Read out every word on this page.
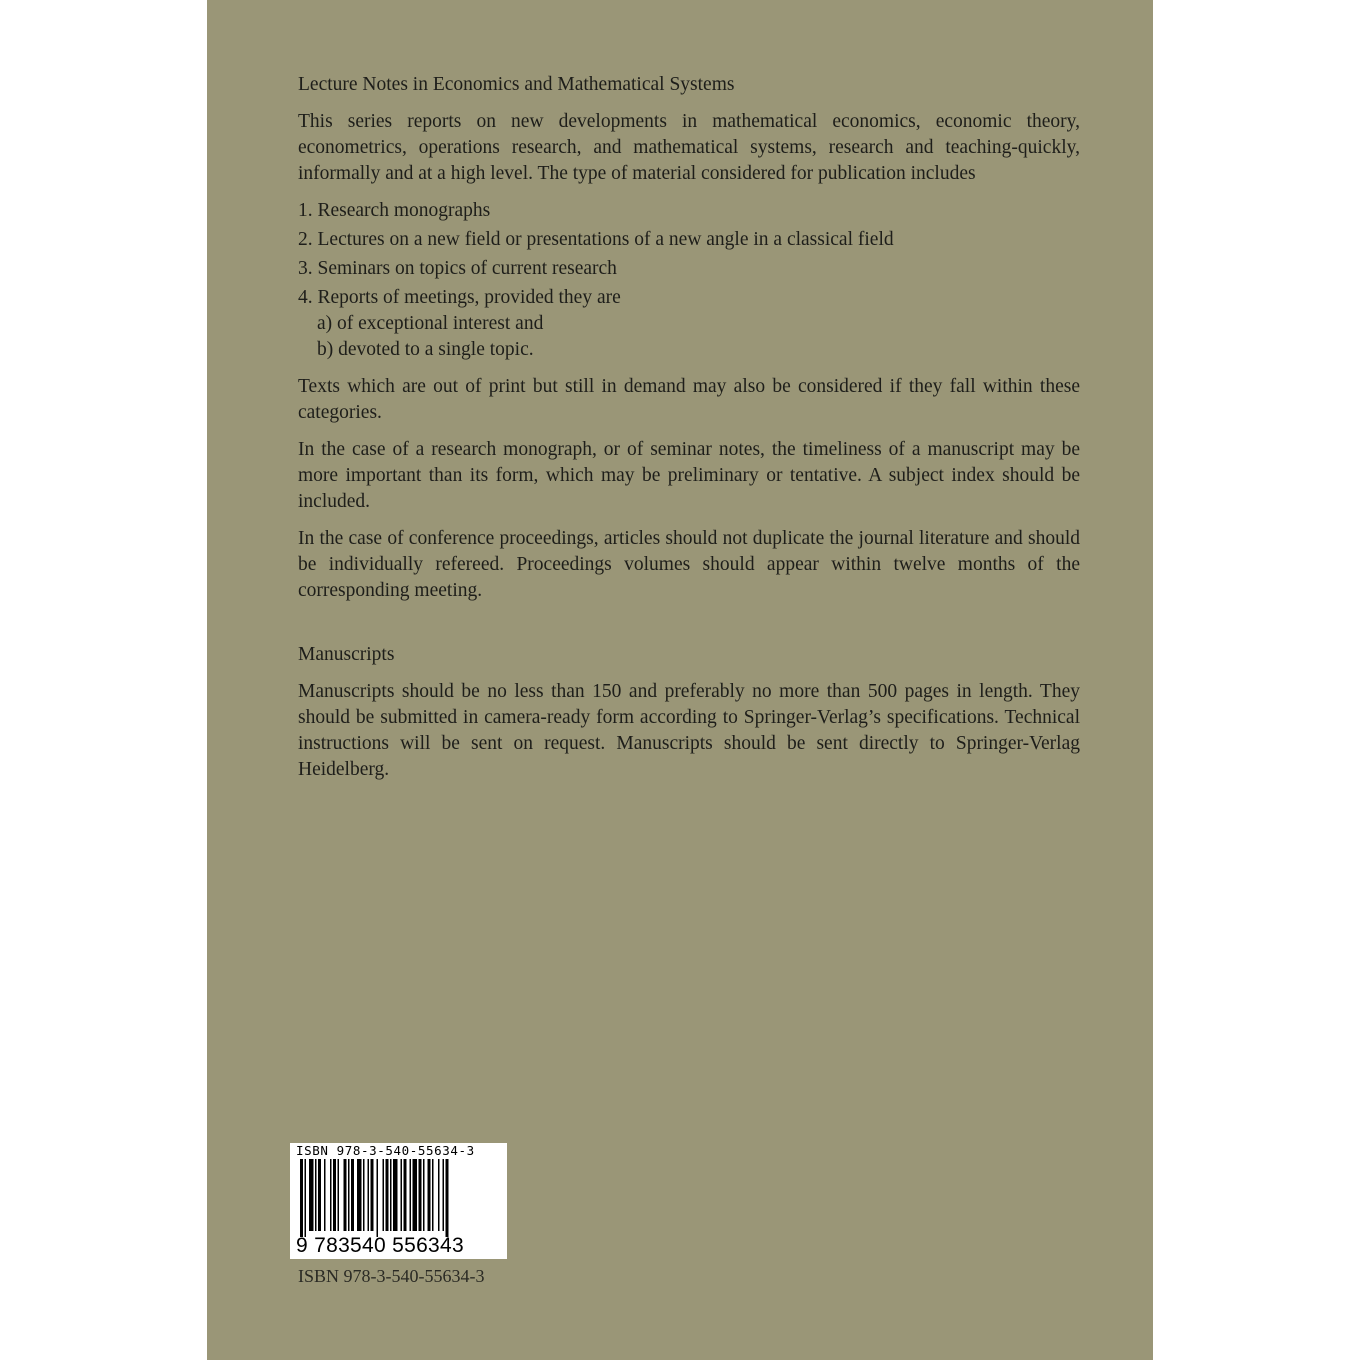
Lecture Notes in Economics and Mathematical Systems

This series reports on new developments in mathematical economics, economic theory, econometrics, operations research, and mathematical systems, research and teaching-quickly, informally and at a high level. The type of material considered for publication includes

1. Research monographs
2. Lectures on a new field or presentations of a new angle in a classical field
3. Seminars on topics of current research
4. Reports of meetings, provided they are
a) of exceptional interest and
b) devoted to a single topic.

Texts which are out of print but still in demand may also be considered if they fall within these categories.

In the case of a research monograph, or of seminar notes, the timeliness of a manuscript may be more important than its form, which may be preliminary or tentative. A subject index should be included.

In the case of conference proceedings, articles should not duplicate the journal literature and should be individually refereed. Proceedings volumes should appear within twelve months of the corresponding meeting.

Manuscripts

Manuscripts should be no less than 150 and preferably no more than 500 pages in length. They should be submitted in camera-ready form according to Springer-Verlag’s specifications. Technical instructions will be sent on request. Manuscripts should be sent directly to Springer-Verlag Heidelberg.

ISBN 978-3-540-55634-3
9 783540 556343
ISBN 978-3-540-55634-3
